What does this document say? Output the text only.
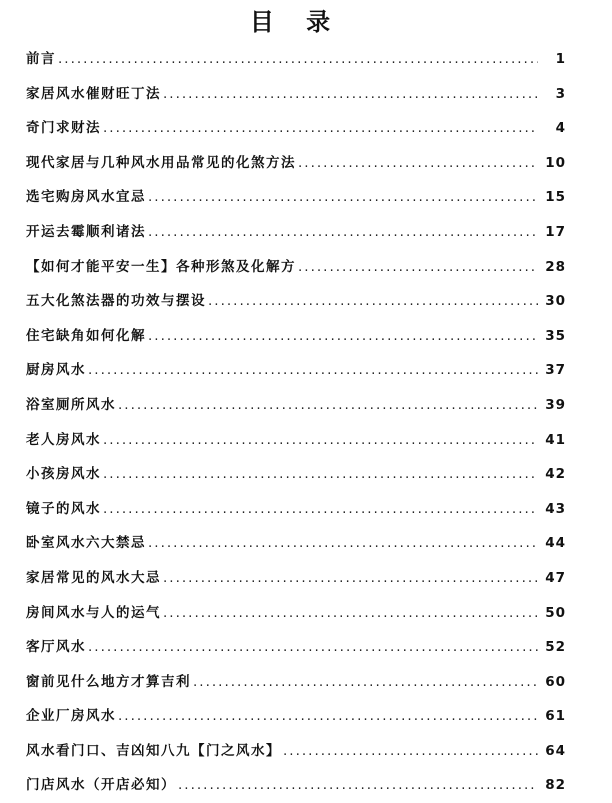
目 录
前言 .....	1
家居风水催财旺丁法 .....	3
奇门求财法 .....	4
现代家居与几种风水用品常见的化煞方法 .....	10
选宅购房风水宜忌 .....	15
开运去霉顺利诸法 .....	17
【如何才能平安一生】各种形煞及化解方 .....	28
五大化煞法器的功效与摆设 .....	30
住宅缺角如何化解 .....	35
厨房风水 .....	37
浴室厕所风水 .....	39
老人房风水 .....	41
小孩房风水 .....	42
镜子的风水 .....	43
卧室风水六大禁忌 .....	44
家居常见的风水大忌 .....	47
房间风水与人的运气 .....	50
客厅风水 .....	52
窗前见什么地方才算吉利 .....	60
企业厂房风水 .....	61
风水看门口、吉凶知八九【门之风水】 .....	64
门店风水（开店必知） .....	82
